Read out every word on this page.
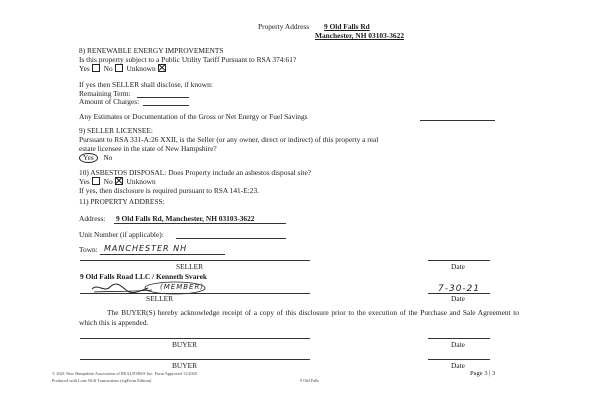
Property Address 9 Old Falls Rd
Manchester, NH 03103-3622
8) RENEWABLE ENERGY IMPROVEMENTS
Is this property subject to a Public Utility Tariff Pursuant to RSA 374:61?
Yes No Unknown
If yes then SELLER shall disclose, if known:
Remaining Term:
Amount of Charges:
Any Estimates or Documentation of the Gross or Net Energy or Fuel Savings
9) SELLER LICENSEE:
Pursuant to RSA 331-A:26 XXII, is the Seller (or any owner, direct or indirect) of this property a real
estate licensee in the state of New Hampshire?
Yes No
10) ASBESTOS DISPOSAL: Does Property include an asbestos disposal site?
Yes No Unknown
If yes, then disclosure is required pursuant to RSA 141-E:23.
11) PROPERTY ADDRESS:
Address: 9 Old Falls Rd, Manchester, NH 03103-3622
Unit Number (if applicable):
Town: MANCHESTER NH
SELLER	Date
9 Old Falls Road LLC / Kenneth Svarek
(MEMBER)	7-30-21
SELLER	Date
The BUYER(S) hereby acknowledge receipt of a copy of this disclosure prior to the execution of the Purchase and Sale Agreement to which this is appended.
BUYER	Date
BUYER	Date
© 2021 New Hampshire Association of REALTORS® Inc. Form Approved 11/2020	Page 3 | 3
Produced with Lone Wolf Transactions (zipForm Edition)	9 Old Falls
